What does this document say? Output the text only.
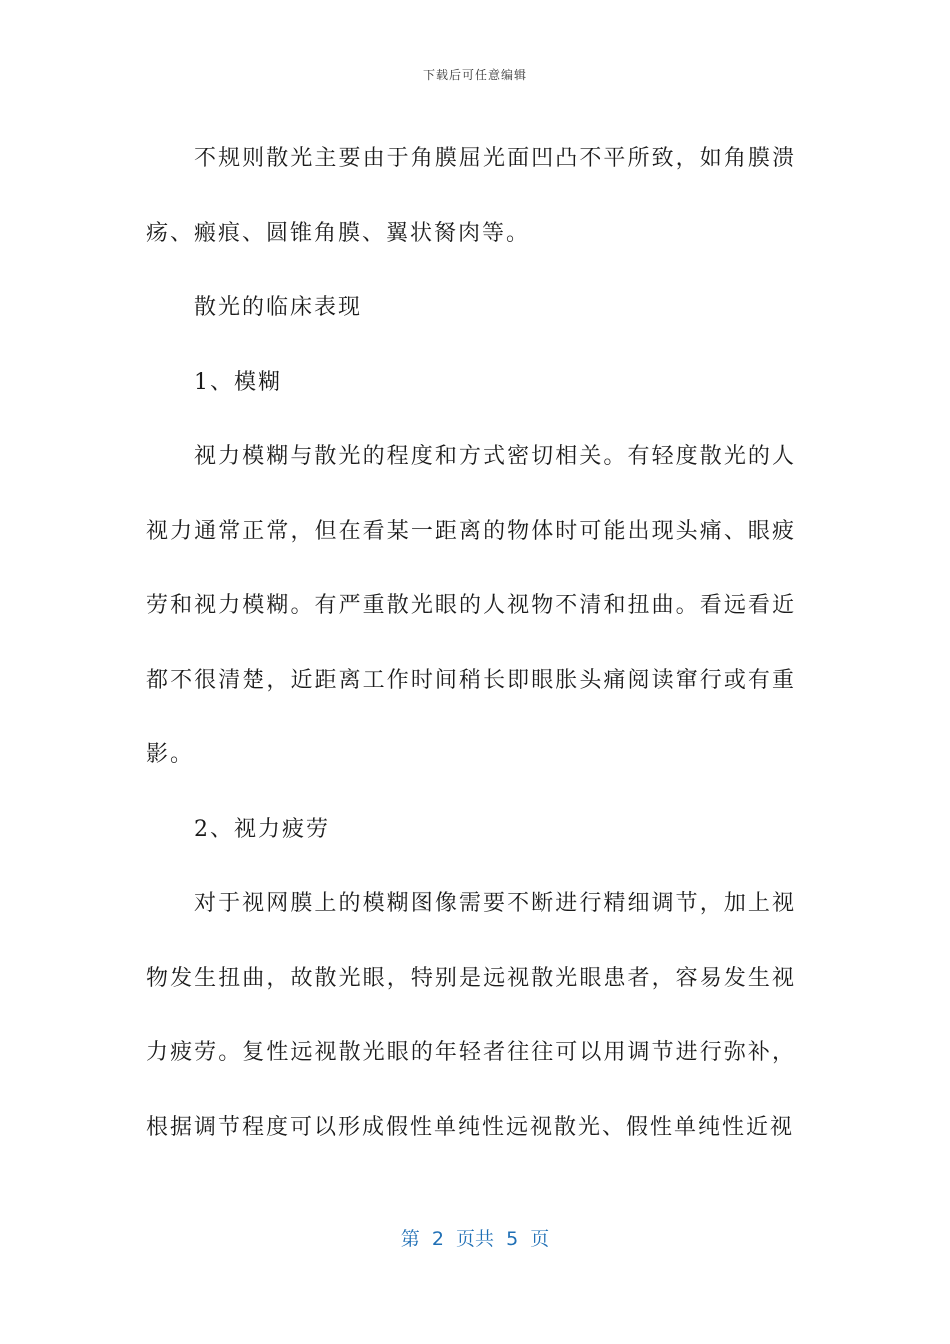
下载后可任意编辑

不规则散光主要由于角膜屈光面凹凸不平所致，如角膜溃疡、瘢痕、圆锥角膜、翼状胬肉等。

散光的临床表现

1、模糊

视力模糊与散光的程度和方式密切相关。有轻度散光的人视力通常正常，但在看某一距离的物体时可能出现头痛、眼疲劳和视力模糊。有严重散光眼的人视物不清和扭曲。看远看近都不很清楚，近距离工作时间稍长即眼胀头痛阅读窜行或有重影。

2、视力疲劳

对于视网膜上的模糊图像需要不断进行精细调节，加上视物发生扭曲，故散光眼，特别是远视散光眼患者，容易发生视力疲劳。复性远视散光眼的年轻者往往可以用调节进行弥补，根据调节程度可以形成假性单纯性远视散光、假性单纯性近视

第  2  页共  5  页
